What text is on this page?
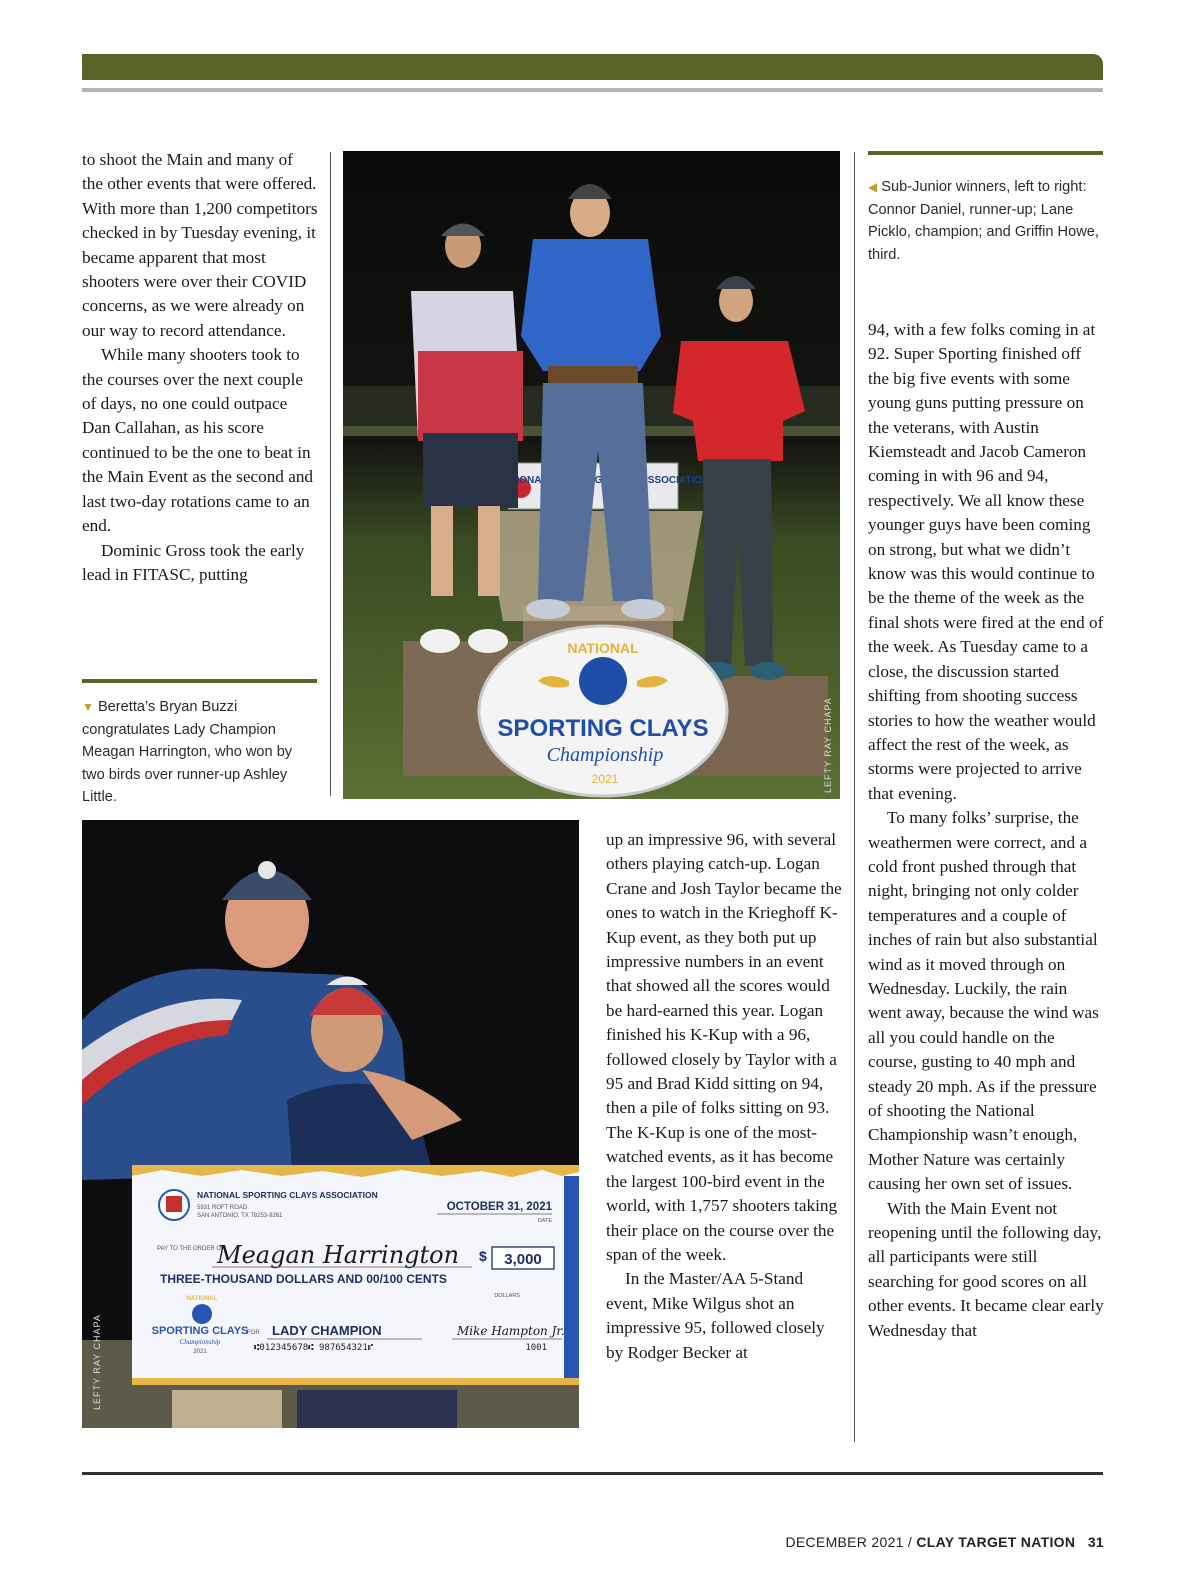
to shoot the Main and many of the other events that were offered. With more than 1,200 competitors checked in by Tuesday evening, it became apparent that most shooters were over their COVID concerns, as we were already on our way to record attendance.

While many shooters took to the courses over the next couple of days, no one could outpace Dan Callahan, as his score continued to be the one to beat in the Main Event as the second and last two-day rotations came to an end.

Dominic Gross took the early lead in FITASC, putting

▼ Beretta’s Bryan Buzzi congratulates Lady Champion Meagan Harrington, who won by two birds over runner-up Ashley Little.
NATIONAL ASSOCIATION
NATIONAL
SPORTING CLAYS
Championship
2021	LEFTY RAY CHAPA
◀ Sub-Junior winners, left to right: Connor Daniel, runner-up; Lane Picklo, champion; and Griffin Howe, third.

94, with a few folks coming in at 92. Super Sporting finished off the big five events with some young guns putting pressure on the veterans, with Austin Kiemsteadt and Jacob Cameron coming in with 96 and 94, respectively. We all know these younger guys have been coming on strong, but what we didn’t know was this would continue to be the theme of the week as the final shots were fired at the end of the week. As Tuesday came to a close, the discussion started shifting from shooting success stories to how the weather would affect the rest of the week, as storms were projected to arrive that evening.

To many folks’ surprise, the weathermen were correct, and a cold front pushed through that night, bringing not only colder temperatures and a couple of inches of rain but also substantial wind as it moved through on Wednesday. Luckily, the rain went away, because the wind was all you could handle on the course, gusting to 40 mph and steady 20 mph. As if the pressure of shooting the National Championship wasn’t enough, Mother Nature was certainly causing her own set of issues.

With the Main Event not reopening until the following day, all participants were still searching for good scores on all other events. It became clear early Wednesday that

NATIONAL SPORTING CLAYS ASSOCIATION
5931 ROFT ROAD
SAN ANTONIO, TX 78253-9261
OCTOBER 31, 2021
DATE
PAY TO THE ORDER OF
Meagan Harrington $ 3,000
THREE-THOUSAND DOLLARS AND 00/100 CENTS
DOLLARS
NATIONAL
SPORTING CLAYS
Championship
2021
FOR LADY CHAMPION	Mike Hampton Jr.
⑆012345678⑆ 987654321⑈	1001
LEFTY RAY CHAPA

up an impressive 96, with several others playing catch-up. Logan Crane and Josh Taylor became the ones to watch in the Krieghoff K-Kup event, as they both put up impressive numbers in an event that showed all the scores would be hard-earned this year. Logan finished his K-Kup with a 96, followed closely by Taylor with a 95 and Brad Kidd sitting on 94, then a pile of folks sitting on 93. The K-Kup is one of the most-watched events, as it has become the largest 100-bird event in the world, with 1,757 shooters taking their place on the course over the span of the week.

In the Master/AA 5-Stand event, Mike Wilgus shot an impressive 95, followed closely by Rodger Becker at

DECEMBER 2021 / CLAY TARGET NATION 31
